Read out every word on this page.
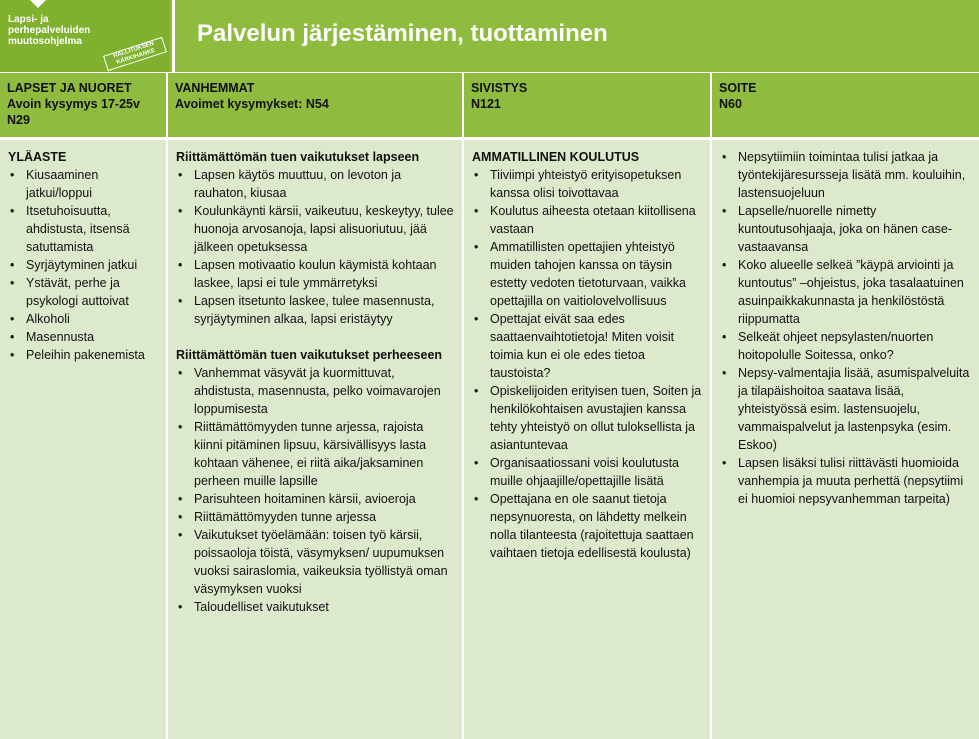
Lapsi- ja
perhepalveluiden
muutosohjelma	HALLITUKSEN KÄRKIHANKE
Palvelun järjestäminen, tuottaminen
LAPSET JA NUORET
Avoin kysymys 17-25v
N29
YLÄASTE
• Kiusaaminen jatkui/loppui
• Itsetuhoisuutta, ahdistusta, itsensä satuttamista
• Syrjäytyminen jatkui
• Ystävät, perhe ja psykologi auttoivat
• Alkoholi
• Masennusta
• Peleihin pakenemista
VANHEMMAT
Avoimet kysymykset: N54
Riittämättömän tuen vaikutukset lapseen
• Lapsen käytös muuttuu, on levoton ja rauhaton, kiusaa
• Koulunkäynti kärsii, vaikeutuu, keskeytyy, tulee huonoja arvosanoja, lapsi alisuoriutuu, jää jälkeen opetuksessa
• Lapsen motivaatio koulun käymistä kohtaan laskee, lapsi ei tule ymmärretyksi
• Lapsen itsetunto laskee, tulee masennusta, syrjäytyminen alkaa, lapsi eristäytyy
Riittämättömän tuen vaikutukset perheeseen
• Vanhemmat väsyvät ja kuormittuvat, ahdistusta, masennusta, pelko voimavarojen loppumisesta
• Riittämättömyyden tunne arjessa, rajoista kiinni pitäminen lipsuu, kärsivällisyys lasta kohtaan vähenee, ei riitä aika/jaksaminen perheen muille lapsille
• Parisuhteen hoitaminen kärsii, avioeroja
• Riittämättömyyden tunne arjessa
• Vaikutukset työelämään: toisen työ kärsii, poissaoloja töistä, väsymyksen/ uupumuksen vuoksi sairaslomia, vaikeuksia työllistyä oman väsymyksen vuoksi
• Taloudelliset vaikutukset
SIVISTYS
N121
AMMATILLINEN KOULUTUS
• Tiiviimpi yhteistyö erityisopetuksen kanssa olisi toivottavaa
• Koulutus aiheesta otetaan kiitollisena vastaan
• Ammatillisten opettajien yhteistyö muiden tahojen kanssa on täysin estetty vedoten tietoturvaan, vaikka opettajilla on vaitiolovelvollisuus
• Opettajat eivät saa edes saattaenvaihtotietoja! Miten voisit toimia kun ei ole edes tietoa taustoista?
• Opiskelijoiden erityisen tuen, Soiten ja henkilökohtaisen avustajien kanssa tehty yhteistyö on ollut tuloksellista ja asiantuntevaa
• Organisaatiossani voisi koulutusta muille ohjaajille/opettajille lisätä
• Opettajana en ole saanut tietoja nepsynuoresta, on lähdetty melkein nolla tilanteesta (rajoitettuja saattaen vaihtaen tietoja edellisestä koulusta)
SOITE
N60
• Nepsytiimiin toimintaa tulisi jatkaa ja työntekijäresursseja lisätä mm. kouluihin, lastensuojeluun
• Lapselle/nuorelle nimetty kuntoutusohjaaja, joka on hänen case-vastaavansa
• Koko alueelle selkeä ”käypä arviointi ja kuntoutus” –ohjeistus, joka tasalaatuinen asuinpaikkakunnasta ja henkilöstöstä riippumatta
• Selkeät ohjeet nepsylasten/nuorten hoitopolulle Soitessa, onko?
• Nepsy-valmentajia lisää, asumispalveluita ja tilapäishoitoa saatava lisää, yhteistyössä esim. lastensuojelu, vammaispalvelut ja lastenpsyka (esim. Eskoo)
• Lapsen lisäksi tulisi riittävästi huomioida vanhempia ja muuta perhettä (nepsytiimi ei huomioi nepsyvanhemman tarpeita)
